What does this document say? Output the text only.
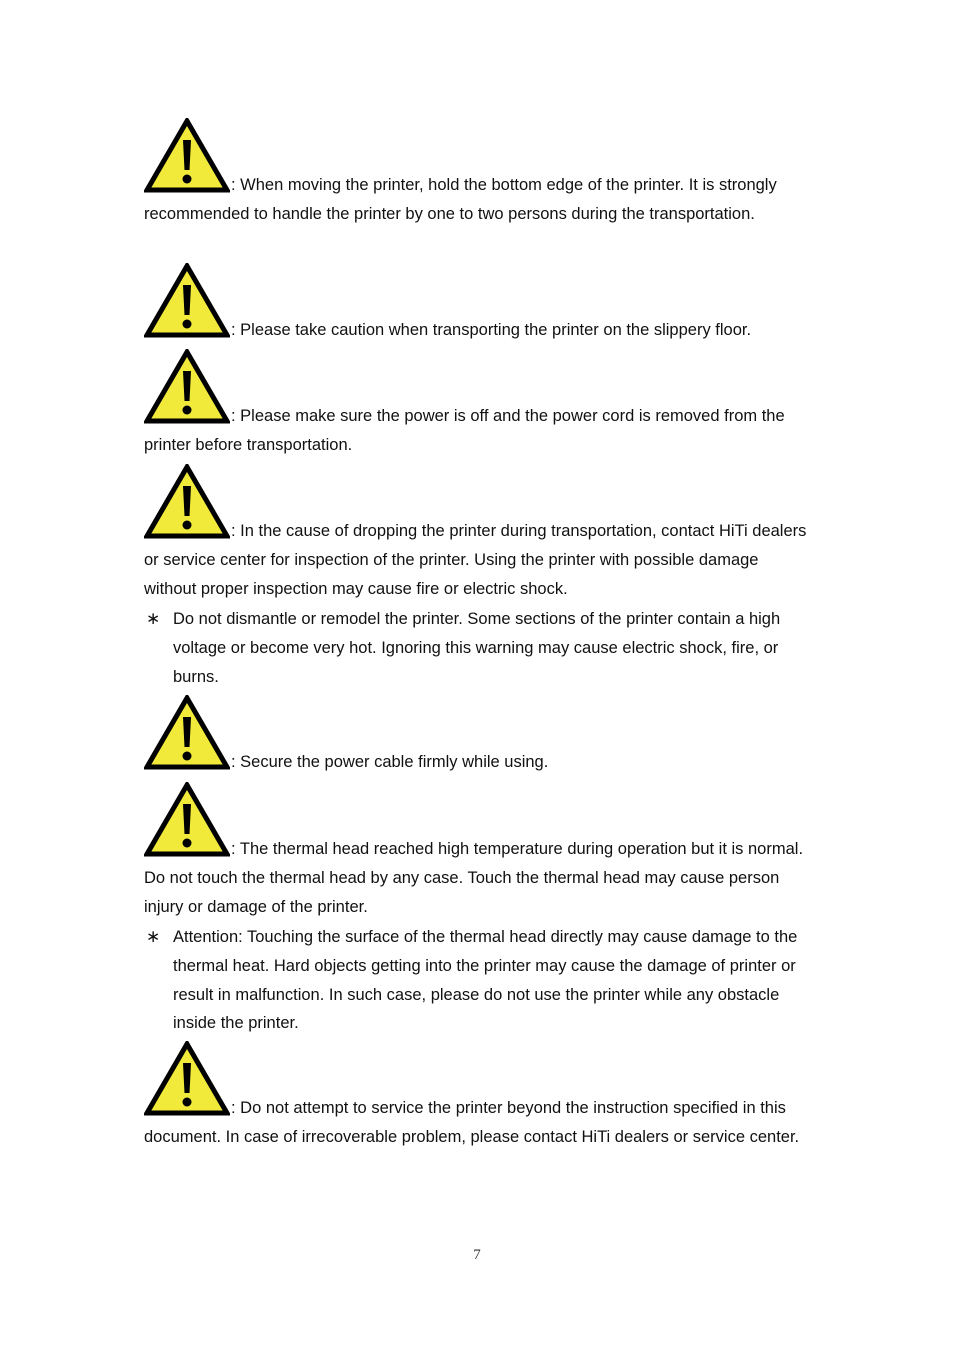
: When moving the printer, hold the bottom edge of the printer. It is strongly recommended to handle the printer by one to two persons during the transportation.

: Please take caution when transporting the printer on the slippery floor.

: Please make sure the power is off and the power cord is removed from the printer before transportation.

: In the cause of dropping the printer during transportation, contact HiTi dealers or service center for inspection of the printer. Using the printer with possible damage without proper inspection may cause fire or electric shock.

∗ Do not dismantle or remodel the printer. Some sections of the printer contain a high voltage or become very hot. Ignoring this warning may cause electric shock, fire, or burns.

: Secure the power cable firmly while using.

: The thermal head reached high temperature during operation but it is normal. Do not touch the thermal head by any case. Touch the thermal head may cause person injury or damage of the printer.

∗ Attention: Touching the surface of the thermal head directly may cause damage to the thermal heat. Hard objects getting into the printer may cause the damage of printer or result in malfunction. In such case, please do not use the printer while any obstacle inside the printer.

: Do not attempt to service the printer beyond the instruction specified in this document. In case of irrecoverable problem, please contact HiTi dealers or service center.

7
